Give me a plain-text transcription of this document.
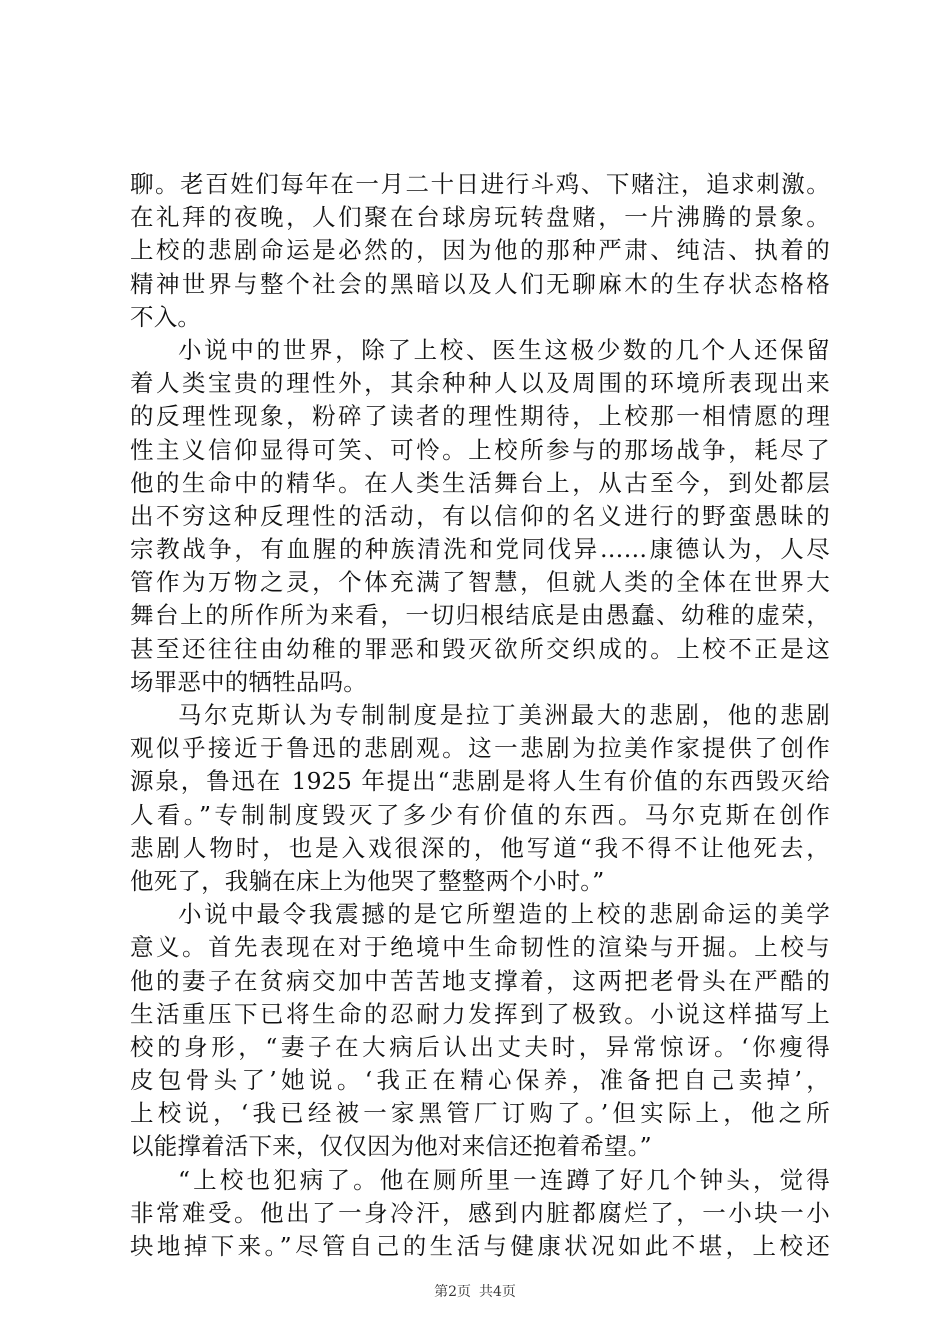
聊。老百姓们每年在一月二十日进行斗鸡、下赌注，追求刺激。
在礼拜的夜晚，人们聚在台球房玩转盘赌，一片沸腾的景象。
上校的悲剧命运是必然的，因为他的那种严肃、纯洁、执着的
精神世界与整个社会的黑暗以及人们无聊麻木的生存状态格格
不入。
小说中的世界，除了上校、医生这极少数的几个人还保留
着人类宝贵的理性外，其余种种人以及周围的环境所表现出来
的反理性现象，粉碎了读者的理性期待，上校那一相情愿的理
性主义信仰显得可笑、可怜。上校所参与的那场战争，耗尽了
他的生命中的精华。在人类生活舞台上，从古至今，到处都层
出不穷这种反理性的活动，有以信仰的名义进行的野蛮愚昧的
宗教战争，有血腥的种族清洗和党同伐异……康德认为，人尽
管作为万物之灵，个体充满了智慧，但就人类的全体在世界大
舞台上的所作所为来看，一切归根结底是由愚蠢、幼稚的虚荣，
甚至还往往由幼稚的罪恶和毁灭欲所交织成的。上校不正是这
场罪恶中的牺牲品吗。
马尔克斯认为专制制度是拉丁美洲最大的悲剧，他的悲剧
观似乎接近于鲁迅的悲剧观。这一悲剧为拉美作家提供了创作
源泉，鲁迅在 1925 年提出“悲剧是将人生有价值的东西毁灭给
人看。”专制制度毁灭了多少有价值的东西。马尔克斯在创作
悲剧人物时，也是入戏很深的，他写道“我不得不让他死去，
他死了，我躺在床上为他哭了整整两个小时。”
小说中最令我震撼的是它所塑造的上校的悲剧命运的美学
意义。首先表现在对于绝境中生命韧性的渲染与开掘。上校与
他的妻子在贫病交加中苦苦地支撑着，这两把老骨头在严酷的
生活重压下已将生命的忍耐力发挥到了极致。小说这样描写上
校的身形，“妻子在大病后认出丈夫时，异常惊讶。‘你瘦得
皮包骨头了’她说。‘我正在精心保养，准备把自己卖掉’，
上校说，‘我已经被一家黑管厂订购了。’但实际上，他之所
以能撑着活下来，仅仅因为他对来信还抱着希望。”
“上校也犯病了。他在厕所里一连蹲了好几个钟头，觉得
非常难受。他出了一身冷汗，感到内脏都腐烂了，一小块一小
块地掉下来。”尽管自己的生活与健康状况如此不堪，上校还
第2页 共4页
